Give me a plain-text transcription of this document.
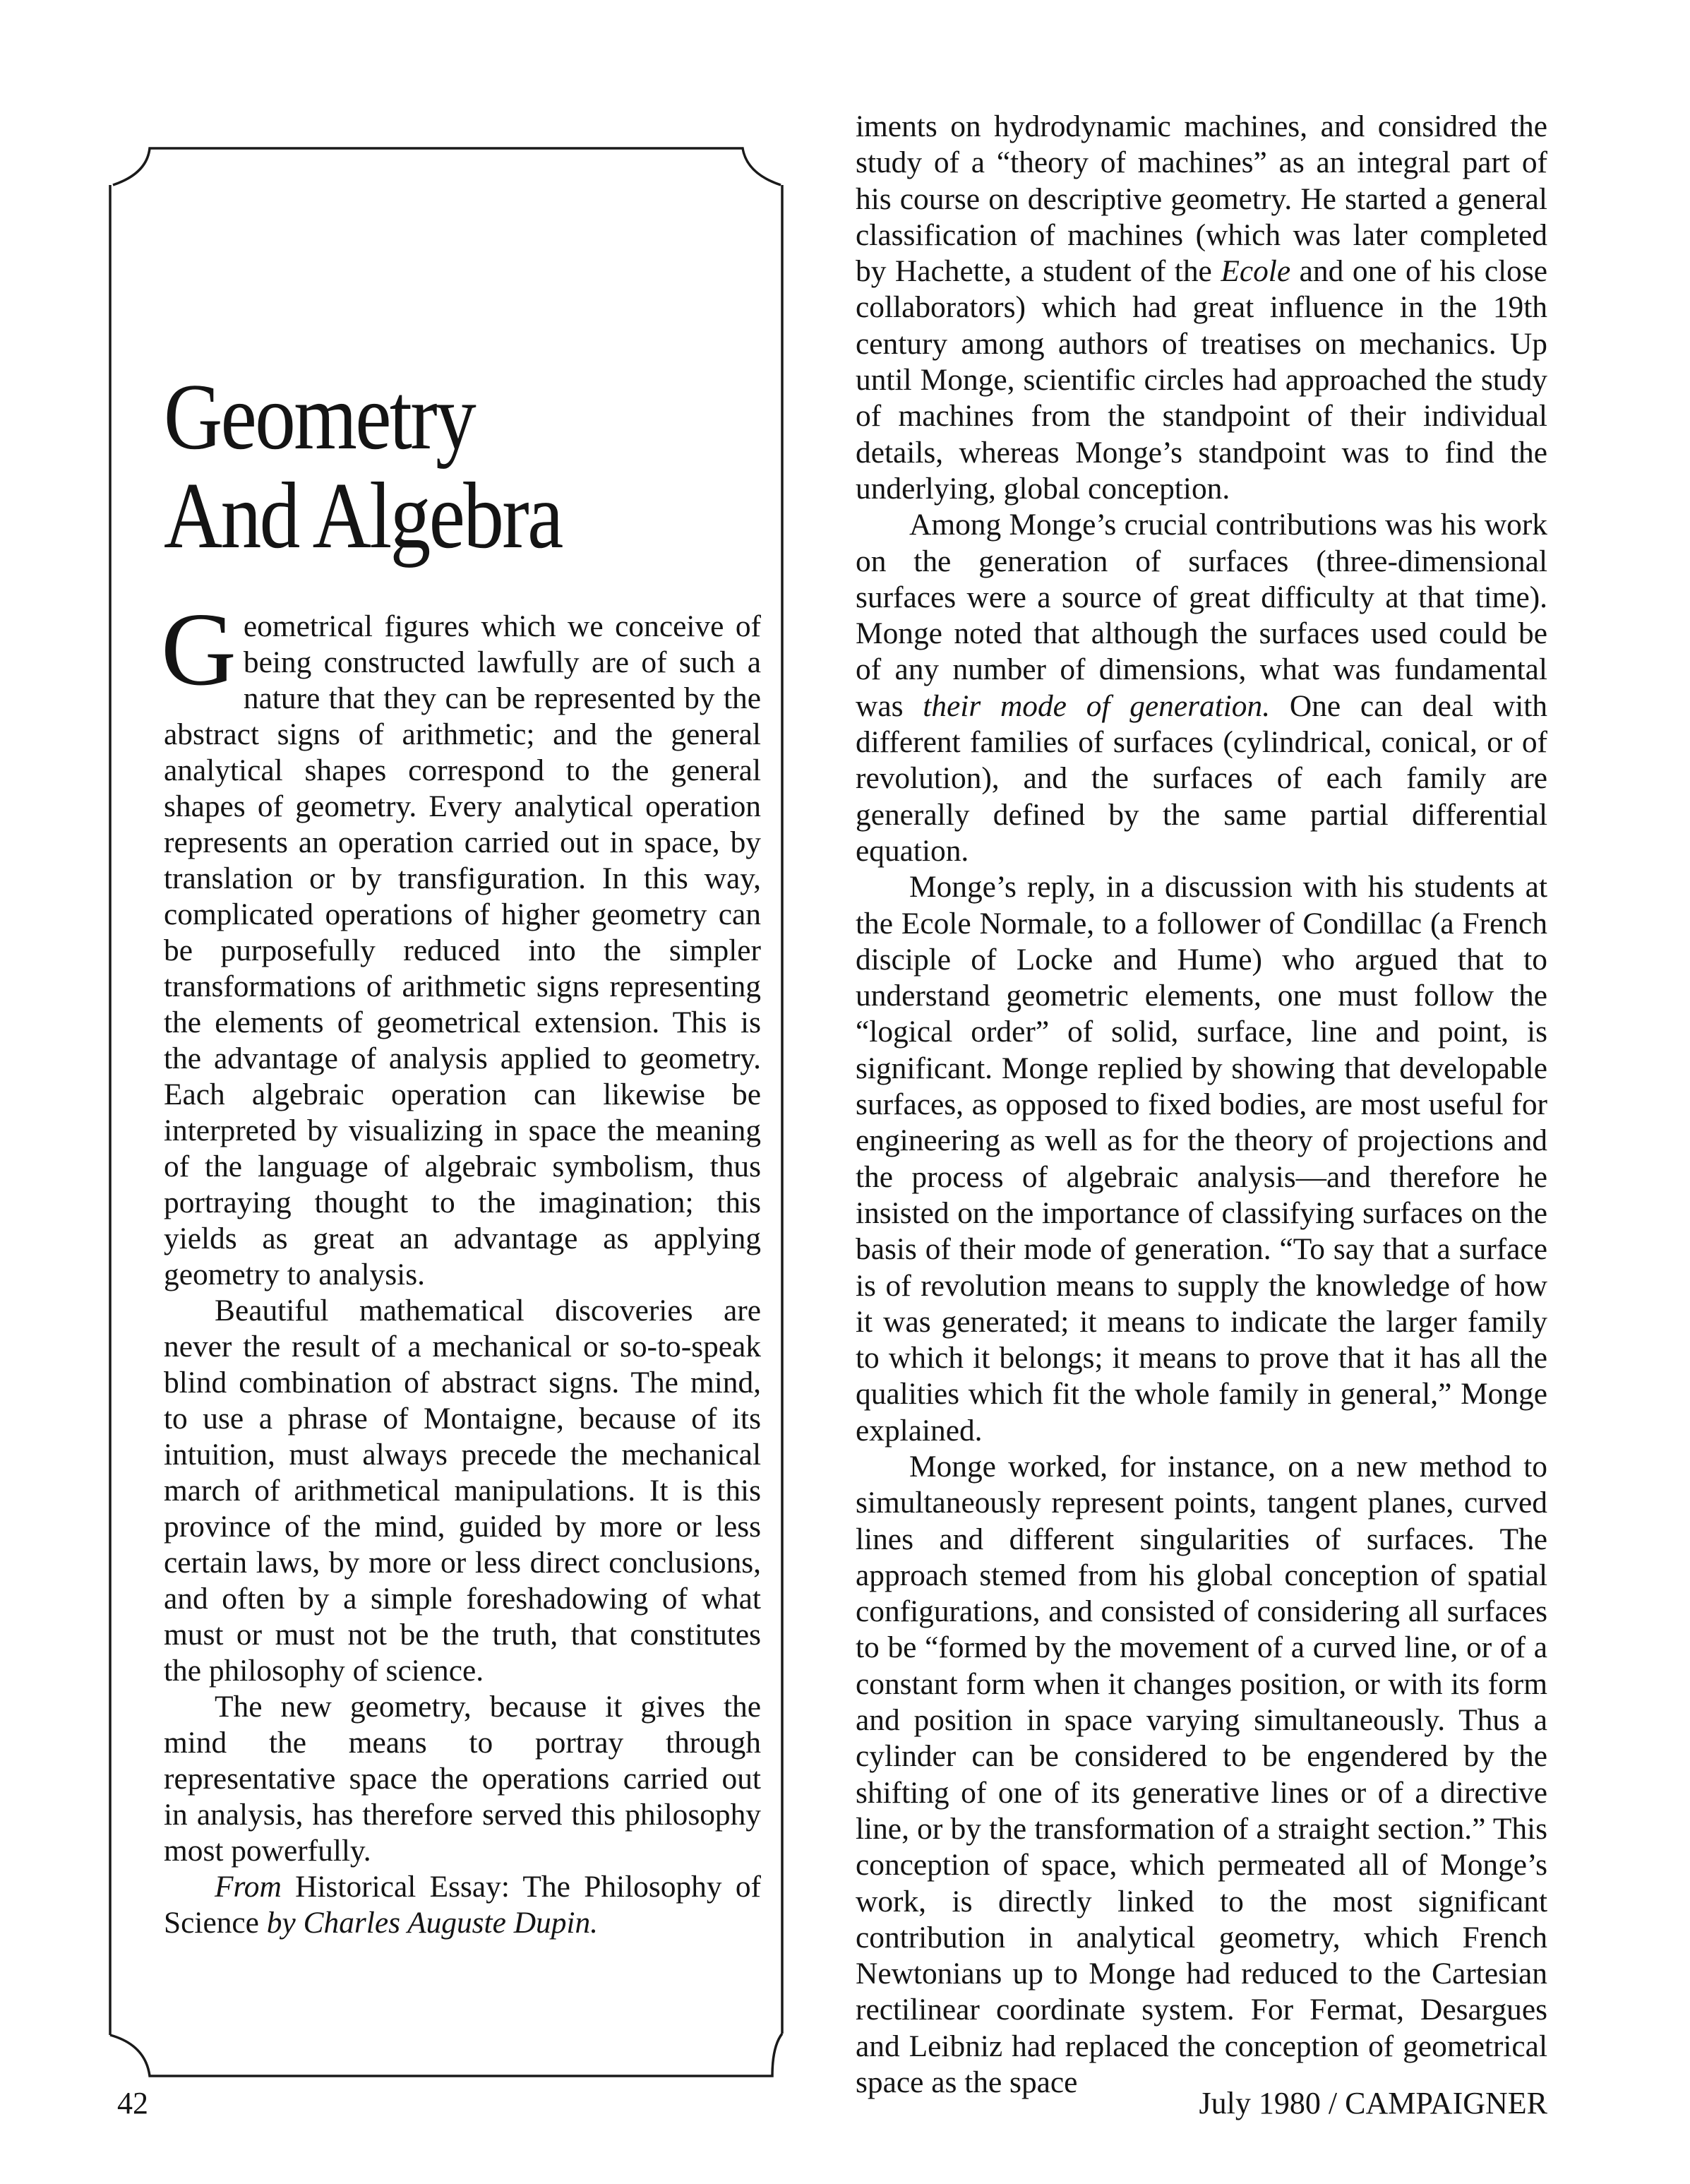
Geometry
And Algebra

Geometrical figures which we conceive of being constructed lawfully are of such a nature that they can be represented by the abstract signs of arithmetic; and the general analytical shapes correspond to the general shapes of geometry. Every analytical operation represents an operation carried out in space, by translation or by transfiguration. In this way, complicated operations of higher geometry can be purposefully reduced into the simpler transformations of arithmetic signs representing the elements of geometrical extension. This is the advantage of analysis applied to geometry. Each algebraic operation can likewise be interpreted by visualizing in space the meaning of the language of algebraic symbolism, thus portraying thought to the imagination; this yields as great an advantage as applying geometry to analysis.

Beautiful mathematical discoveries are never the result of a mechanical or so-to-speak blind combination of abstract signs. The mind, to use a phrase of Montaigne, because of its intuition, must always precede the mechanical march of arithmetical manipulations. It is this province of the mind, guided by more or less certain laws, by more or less direct conclusions, and often by a simple foreshadowing of what must or must not be the truth, that constitutes the philosophy of science.

The new geometry, because it gives the mind the means to portray through representative space the operations carried out in analysis, has therefore served this philosophy most powerfully.

From Historical Essay: The Philosophy of Science by Charles Auguste Dupin.

iments on hydrodynamic machines, and considred the study of a “theory of machines” as an integral part of his course on descriptive geometry. He started a general classification of machines (which was later completed by Hachette, a student of the Ecole and one of his close collaborators) which had great influence in the 19th century among authors of treatises on mechanics. Up until Monge, scientific circles had approached the study of machines from the standpoint of their individual details, whereas Monge’s standpoint was to find the underlying, global conception.

Among Monge’s crucial contributions was his work on the generation of surfaces (three-dimensional surfaces were a source of great difficulty at that time). Monge noted that although the surfaces used could be of any number of dimensions, what was fundamental was their mode of generation. One can deal with different families of surfaces (cylindrical, conical, or of revolution), and the surfaces of each family are generally defined by the same partial differential equation.

Monge’s reply, in a discussion with his students at the Ecole Normale, to a follower of Condillac (a French disciple of Locke and Hume) who argued that to understand geometric elements, one must follow the “logical order” of solid, surface, line and point, is significant. Monge replied by showing that developable surfaces, as opposed to fixed bodies, are most useful for engineering as well as for the theory of projections and the process of algebraic analysis—and therefore he insisted on the importance of classifying surfaces on the basis of their mode of generation. “To say that a surface is of revolution means to supply the knowledge of how it was generated; it means to indicate the larger family to which it belongs; it means to prove that it has all the qualities which fit the whole family in general,” Monge explained.

Monge worked, for instance, on a new method to simultaneously represent points, tangent planes, curved lines and different singularities of surfaces. The approach stemed from his global conception of spatial configurations, and consisted of considering all surfaces to be “formed by the movement of a curved line, or of a constant form when it changes position, or with its form and position in space varying simultaneously. Thus a cylinder can be considered to be engendered by the shifting of one of its generative lines or of a directive line, or by the transformation of a straight section.” This conception of space, which permeated all of Monge’s work, is directly linked to the most significant contribution in analytical geometry, which French Newtonians up to Monge had reduced to the Cartesian rectilinear coordinate system. For Fermat, Desargues and Leibniz had replaced the conception of geometrical space as the space

42	July 1980 / CAMPAIGNER
